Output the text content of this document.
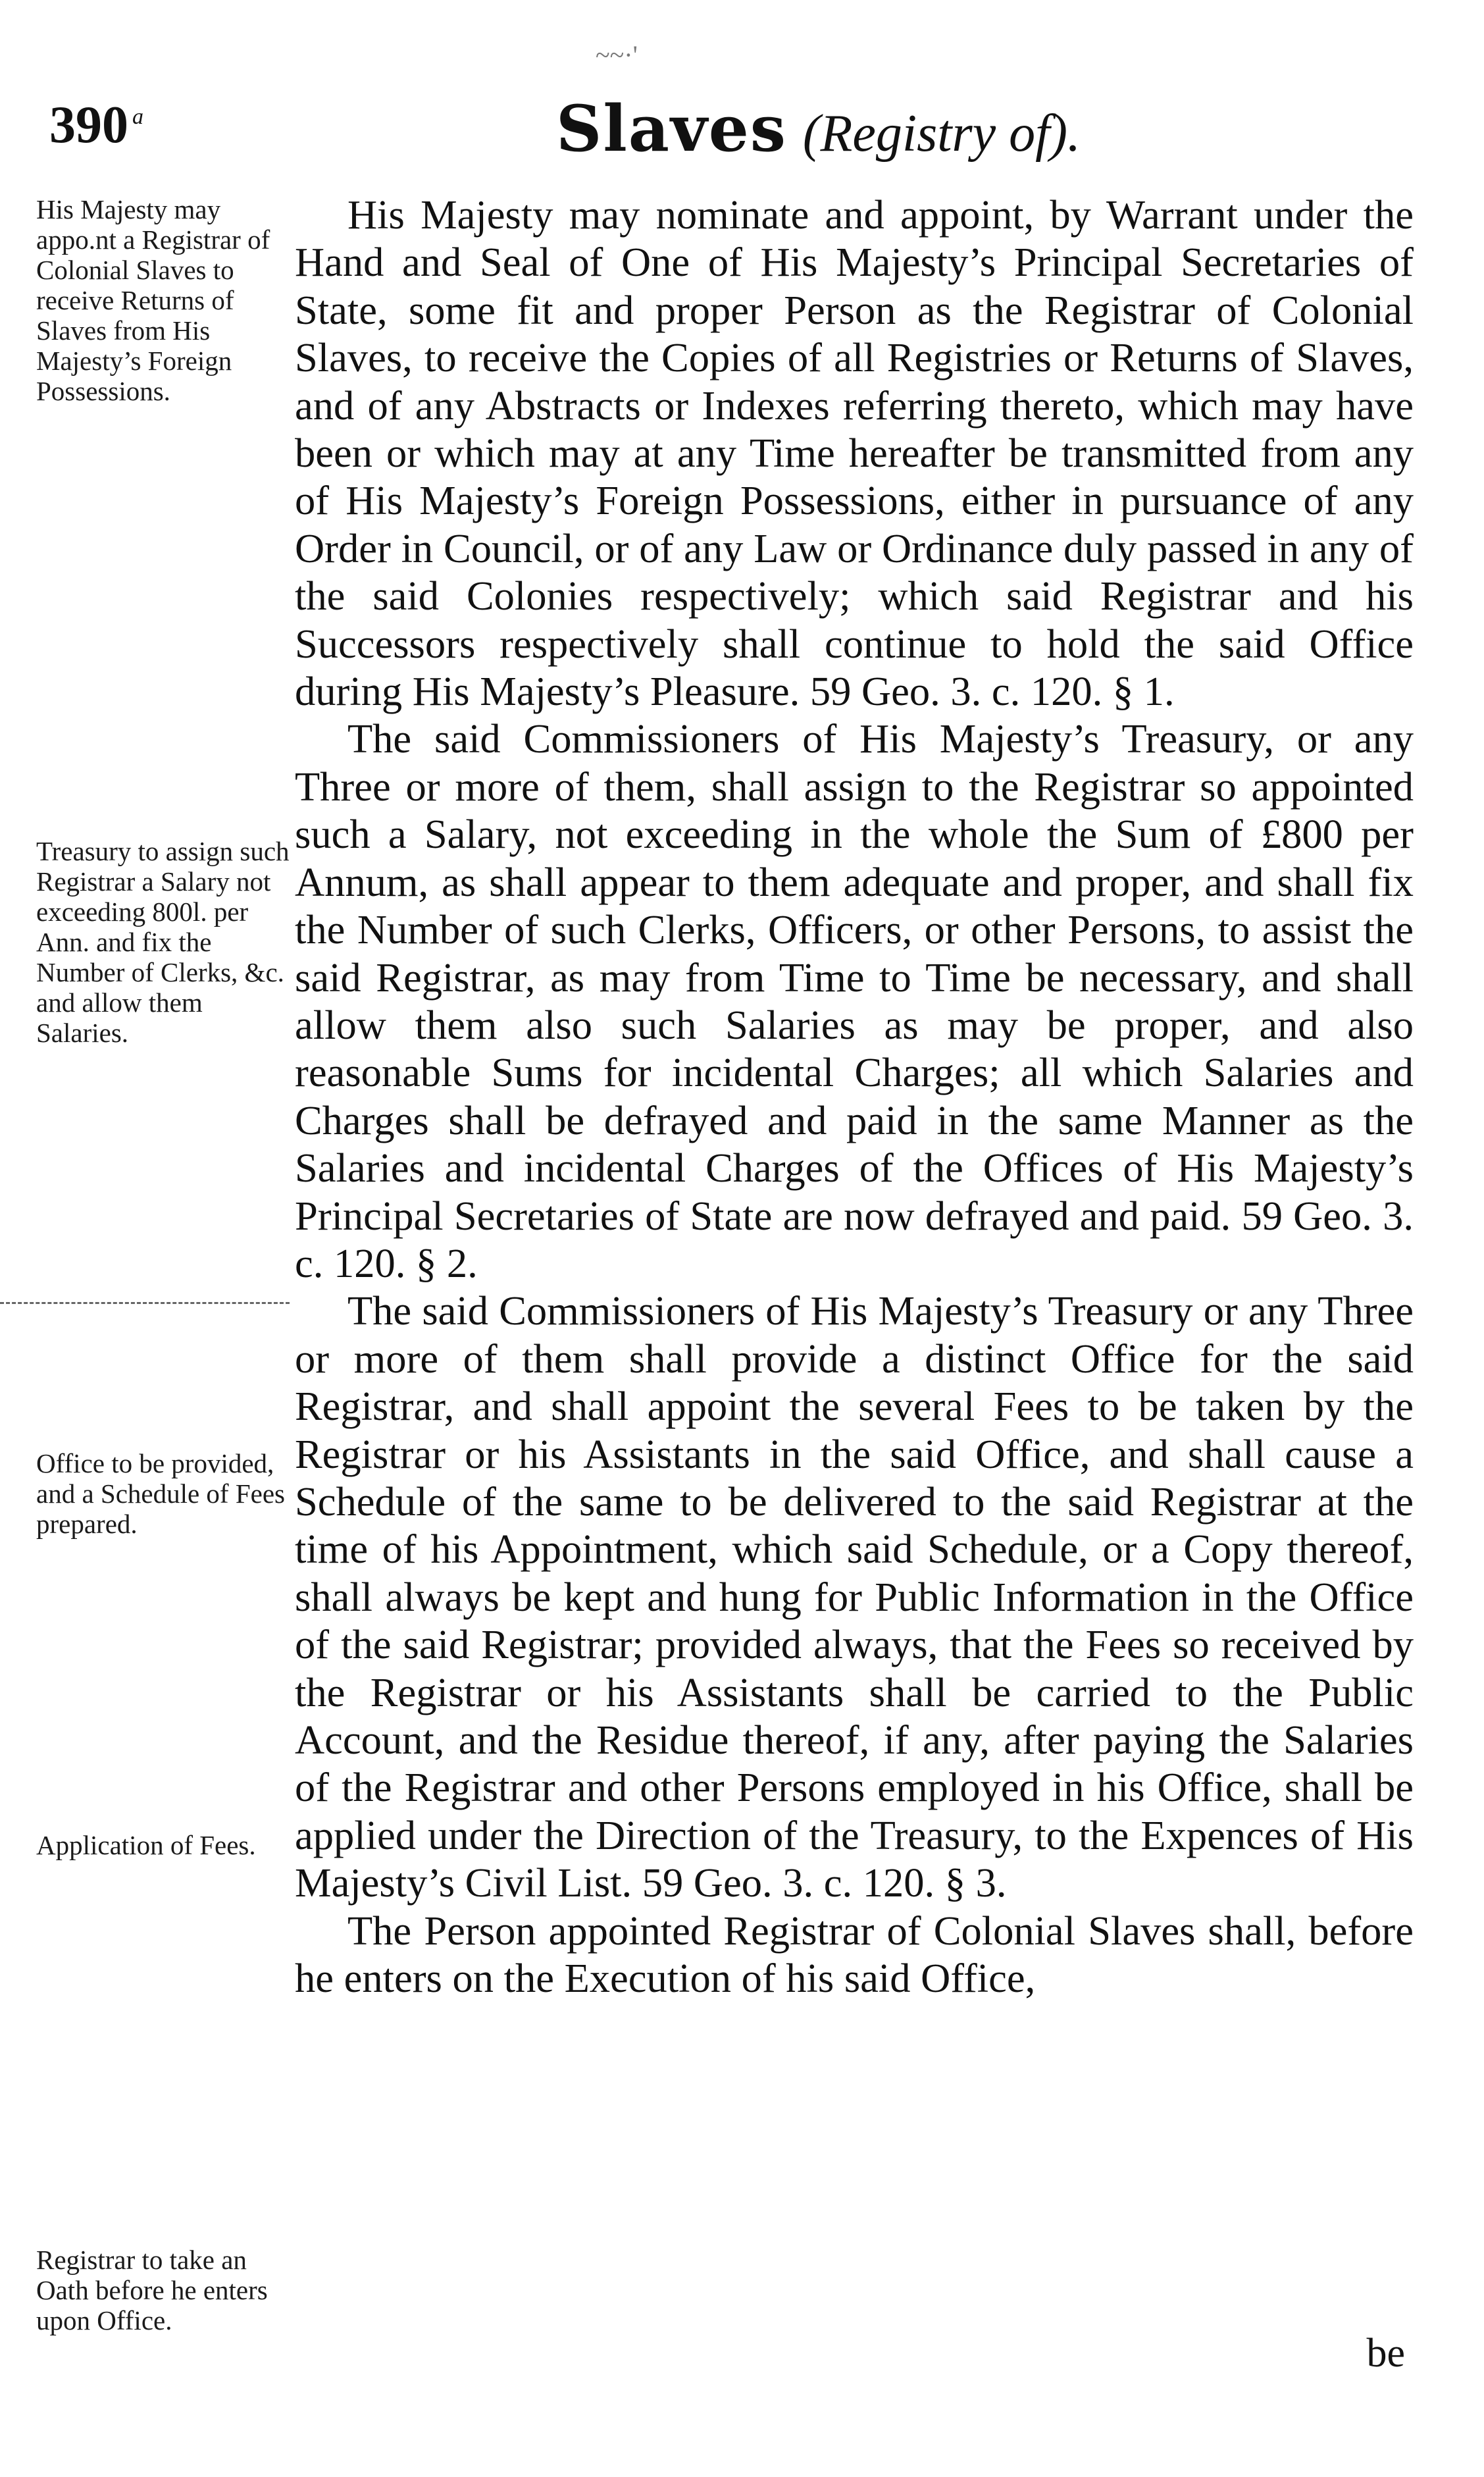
390 $^a$	Slaves (Registry of).
His Majesty may appo.nt a Registrar of Colonial Slaves to receive Returns of Slaves from His Majesty’s Foreign Possessions.
Treasury to assign such Registrar a Salary not exceeding 800l. per Ann. and fix the Number of Clerks, &c. and allow them Salaries.
Office to be provided, and a Schedule of Fees prepared.
Application of Fees.
Registrar to take an Oath before he enters upon Office.
~~·'

His Majesty may nominate and appoint, by Warrant under the Hand and Seal of One of His Majesty’s Principal Secretaries of State, some fit and proper Person as the Registrar of Colonial Slaves, to receive the Copies of all Registries or Returns of Slaves, and of any Abstracts or Indexes referring thereto, which may have been or which may at any Time hereafter be transmitted from any of His Majesty’s Foreign Possessions, either in pursuance of any Order in Council, or of any Law or Ordinance duly passed in any of the said Colonies respectively; which said Registrar and his Successors respectively shall continue to hold the said Office during His Majesty’s Pleasure. 59 Geo. 3. c. 120. § 1.

The said Commissioners of His Majesty’s Treasury, or any Three or more of them, shall assign to the Registrar so appointed such a Salary, not exceeding in the whole the Sum of £800 per Annum, as shall appear to them adequate and proper, and shall fix the Number of such Clerks, Officers, or other Persons, to assist the said Registrar, as may from Time to Time be necessary, and shall allow them also such Salaries as may be proper, and also reasonable Sums for incidental Charges; all which Salaries and Charges shall be defrayed and paid in the same Manner as the Salaries and incidental Charges of the Offices of His Majesty’s Principal Secretaries of State are now defrayed and paid. 59 Geo. 3. c. 120. § 2.

The said Commissioners of His Majesty’s Treasury or any Three or more of them shall provide a distinct Office for the said Registrar, and shall appoint the several Fees to be taken by the Registrar or his Assistants in the said Office, and shall cause a Schedule of the same to be delivered to the said Registrar at the time of his Appointment, which said Schedule, or a Copy thereof, shall always be kept and hung for Public Information in the Office of the said Registrar; provided always, that the Fees so received by the Registrar or his Assistants shall be carried to the Public Account, and the Residue thereof, if any, after paying the Salaries of the Registrar and other Persons employed in his Office, shall be applied under the Direction of the Treasury, to the Expences of His Majesty’s Civil List. 59 Geo. 3. c. 120. § 3.

The Person appointed Registrar of Colonial Slaves shall, before he enters on the Execution of his said Office,

be
